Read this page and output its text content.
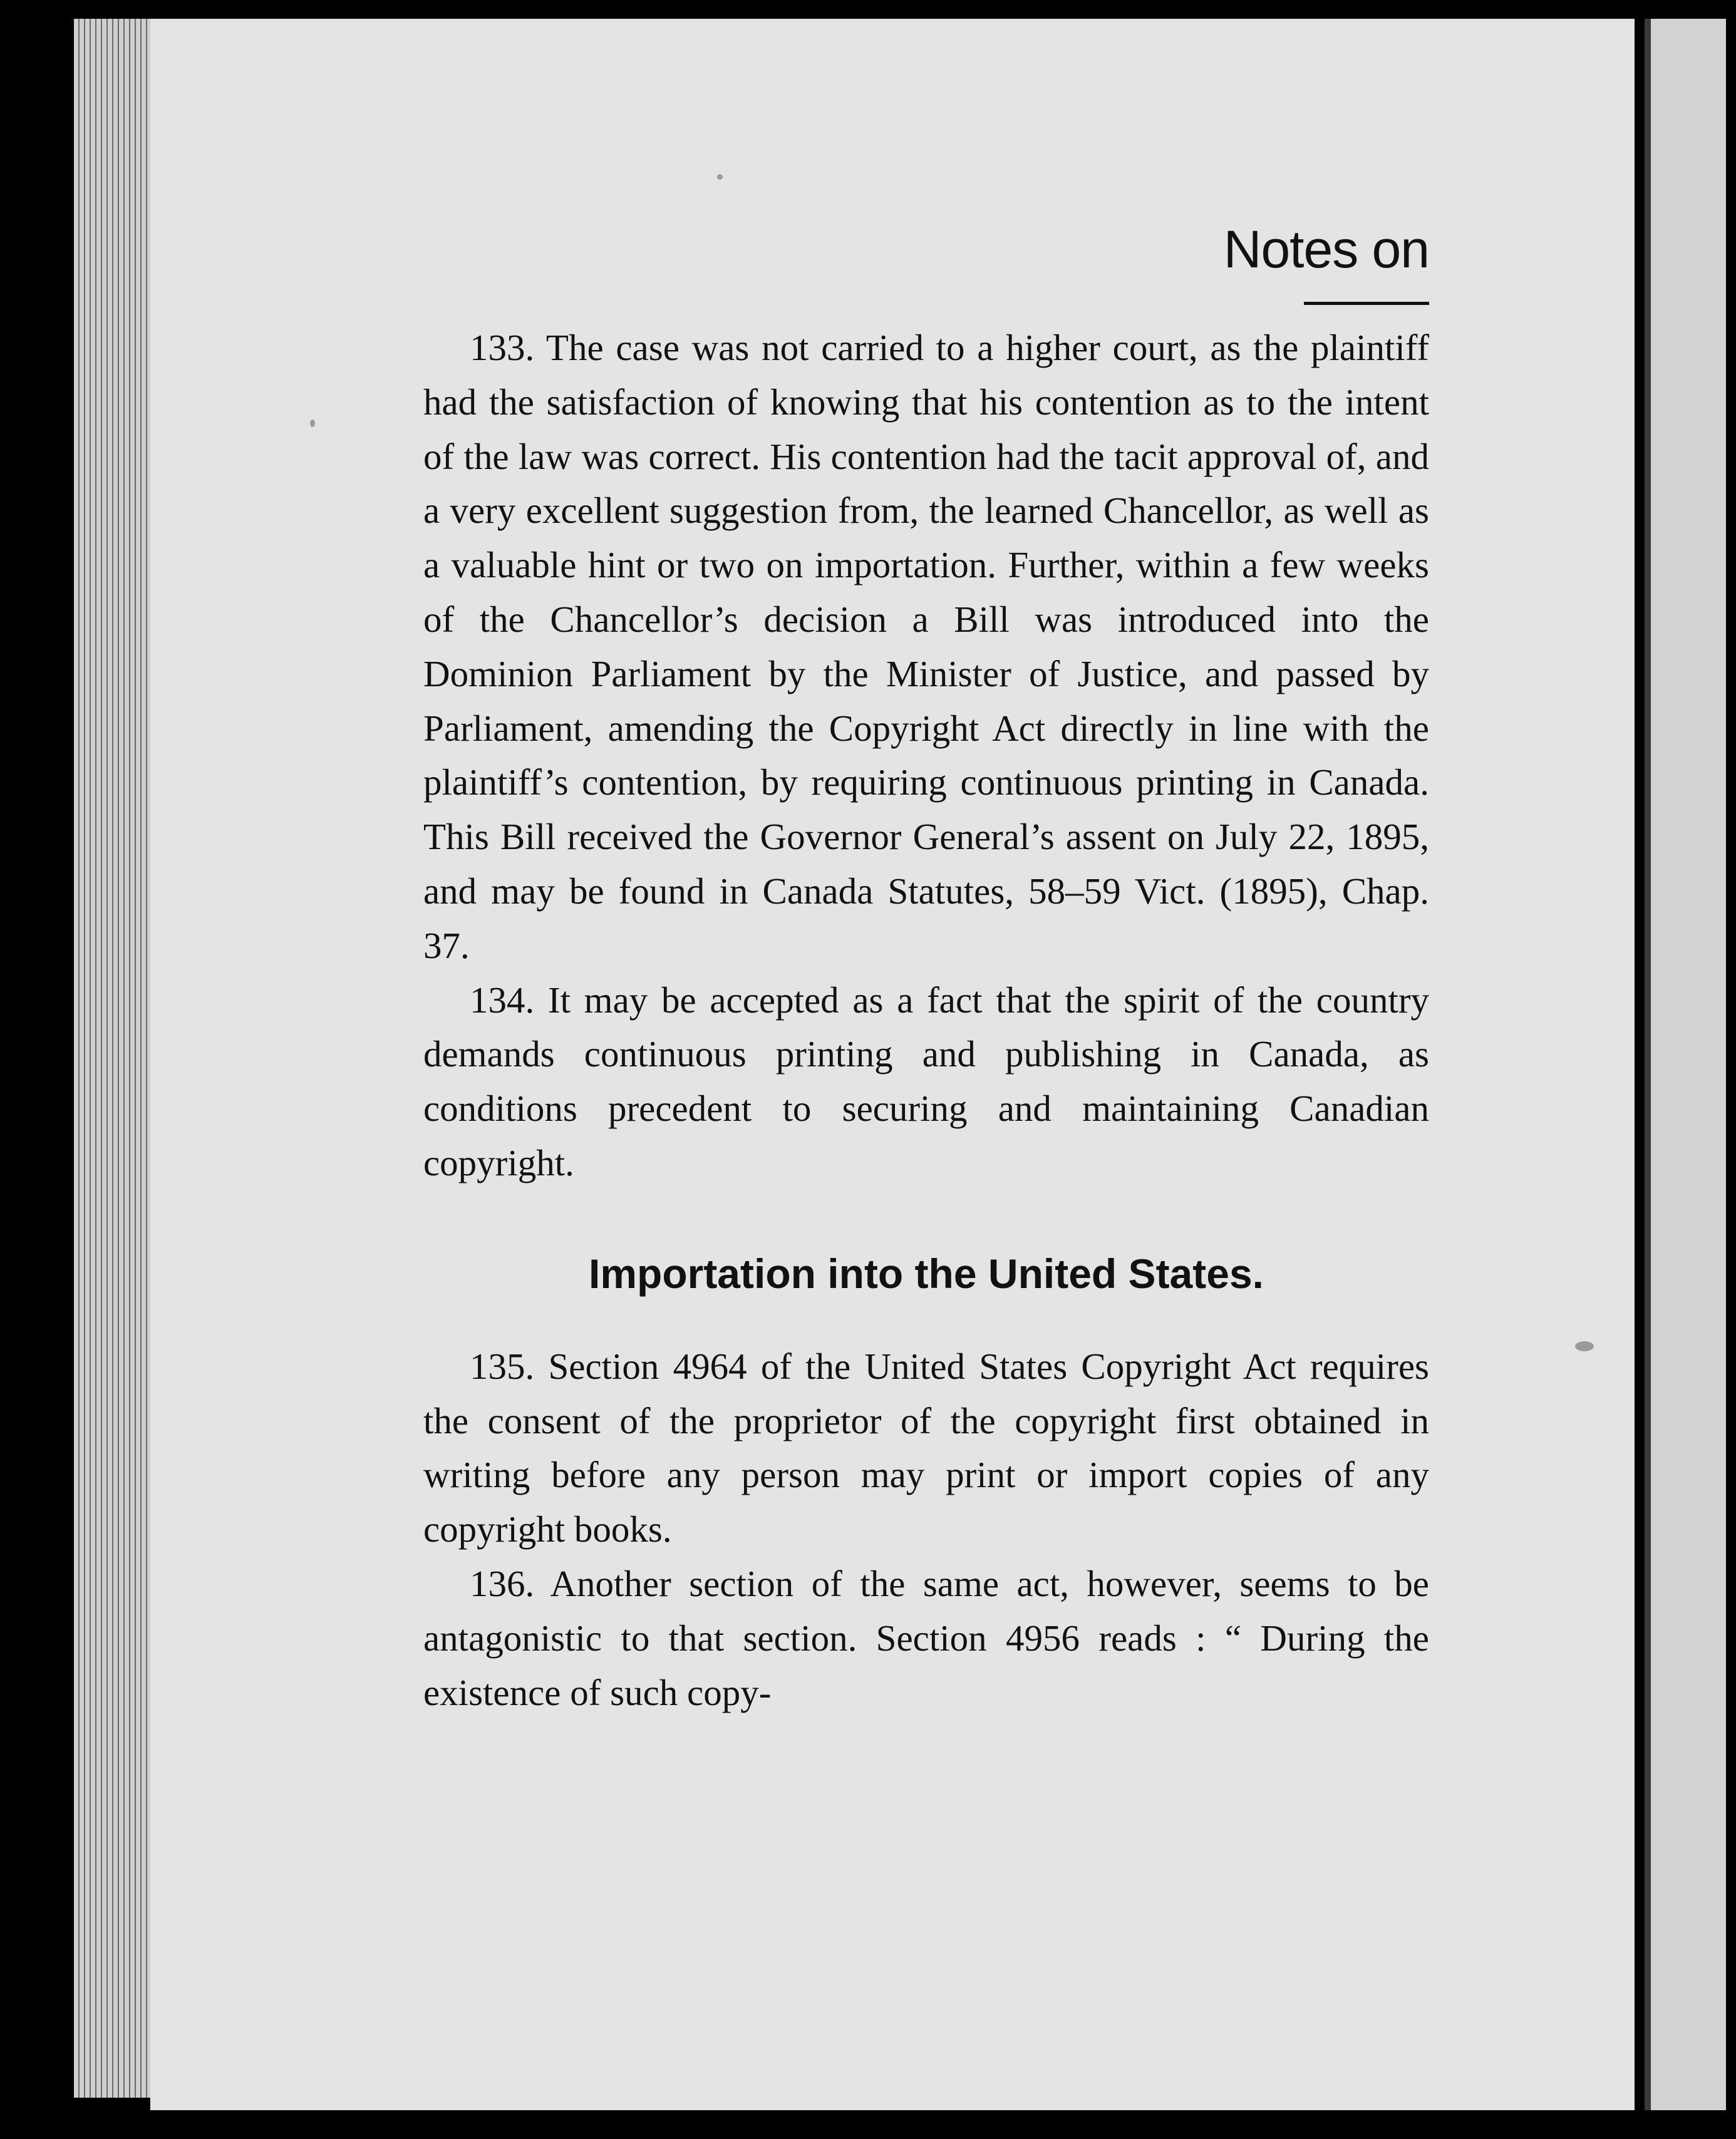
Notes on

133. The case was not carried to a higher court, as the plaintiff had the satisfaction of knowing that his contention as to the intent of the law was correct. His contention had the tacit approval of, and a very excellent suggestion from, the learned Chancellor, as well as a valuable hint or two on importation. Further, within a few weeks of the Chancellor’s decision a Bill was introduced into the Dominion Parliament by the Minister of Justice, and passed by Parliament, amending the Copyright Act directly in line with the plaintiff’s contention, by requiring continuous printing in Canada. This Bill received the Governor General’s assent on July 22, 1895, and may be found in Canada Statutes, 58–59 Vict. (1895), Chap. 37.

134. It may be accepted as a fact that the spirit of the country demands continuous printing and publishing in Canada, as conditions precedent to securing and maintaining Canadian copyright.

Importation into the United States.

135. Section 4964 of the United States Copyright Act requires the consent of the proprietor of the copyright first obtained in writing before any person may print or import copies of any copyright books.

136. Another section of the same act, however, seems to be antagonistic to that section. Section 4956 reads : “ During the existence of such copy-
